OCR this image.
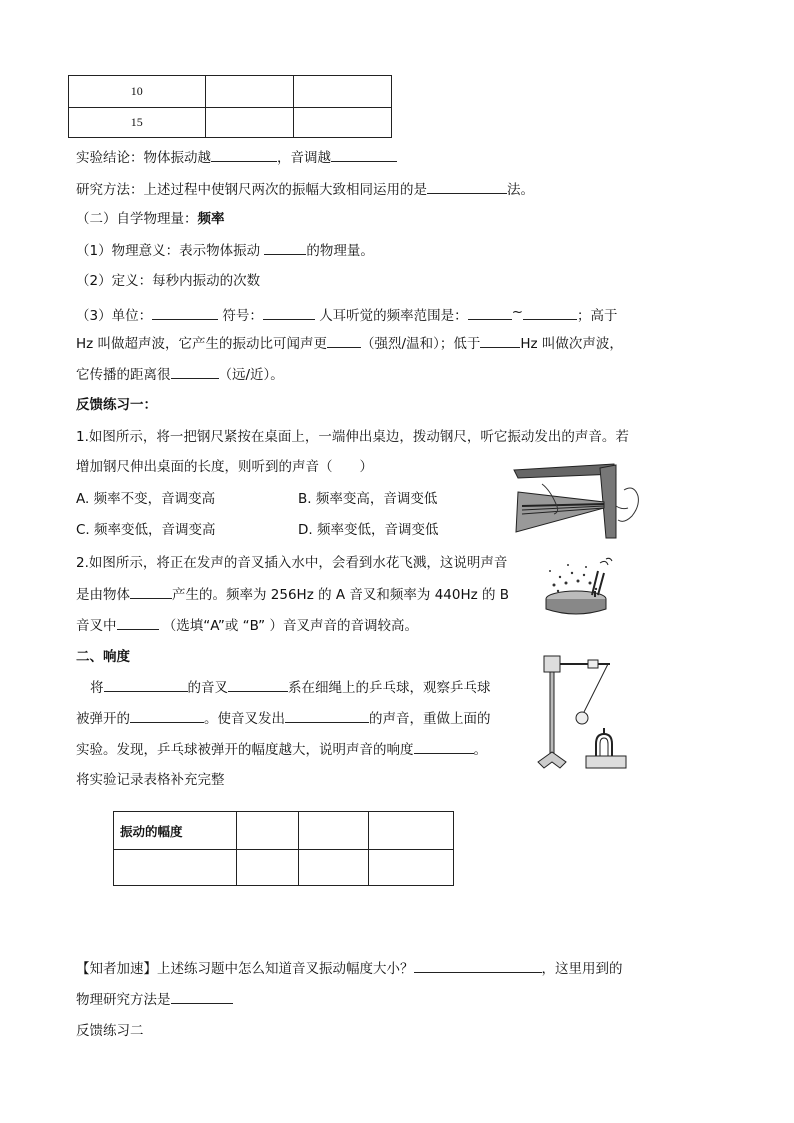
10		
15		
实验结论：物体振动越	，音调越
研究方法：上述过程中使钢尺两次的振幅大致相同运用的是	法。
（二）自学物理量：频率
（1）物理意义：表示物体振动	的物理量。
（2）定义：每秒内振动的次数
（3）单位：	符号：	人耳听觉的频率范围是：	~	；高于
Hz 叫做超声波，它产生的振动比可闻声更	（强烈/温和）；低于	Hz 叫做次声波，
它传播的距离很	（远/近）。
反馈练习一：
1.如图所示，将一把钢尺紧按在桌面上，一端伸出桌边，拨动钢尺，听它振动发出的声音。若
增加钢尺伸出桌面的长度，则听到的声音（　　）
A. 频率不变，音调变高	B. 频率变高，音调变低
C. 频率变低，音调变高	D. 频率变低，音调变低
2.如图所示，将正在发声的音叉插入水中，会看到水花飞溅，这说明声音
是由物体	产生的。频率为 256Hz 的 A 音叉和频率为 440Hz 的 B
音叉中	（选填“A”或 “B” ）音叉声音的音调较高。
二、响度
将	的音叉	系在细绳上的乒乓球，观察乒乓球
被弹开的	。使音叉发出	的声音，重做上面的
实验。发现，乒乓球被弹开的幅度越大，说明声音的响度	。
将实验记录表格补充完整
振动的幅度			

【知者加速】上述练习题中怎么知道音叉振动幅度大小？	，这里用到的
物理研究方法是
反馈练习二
